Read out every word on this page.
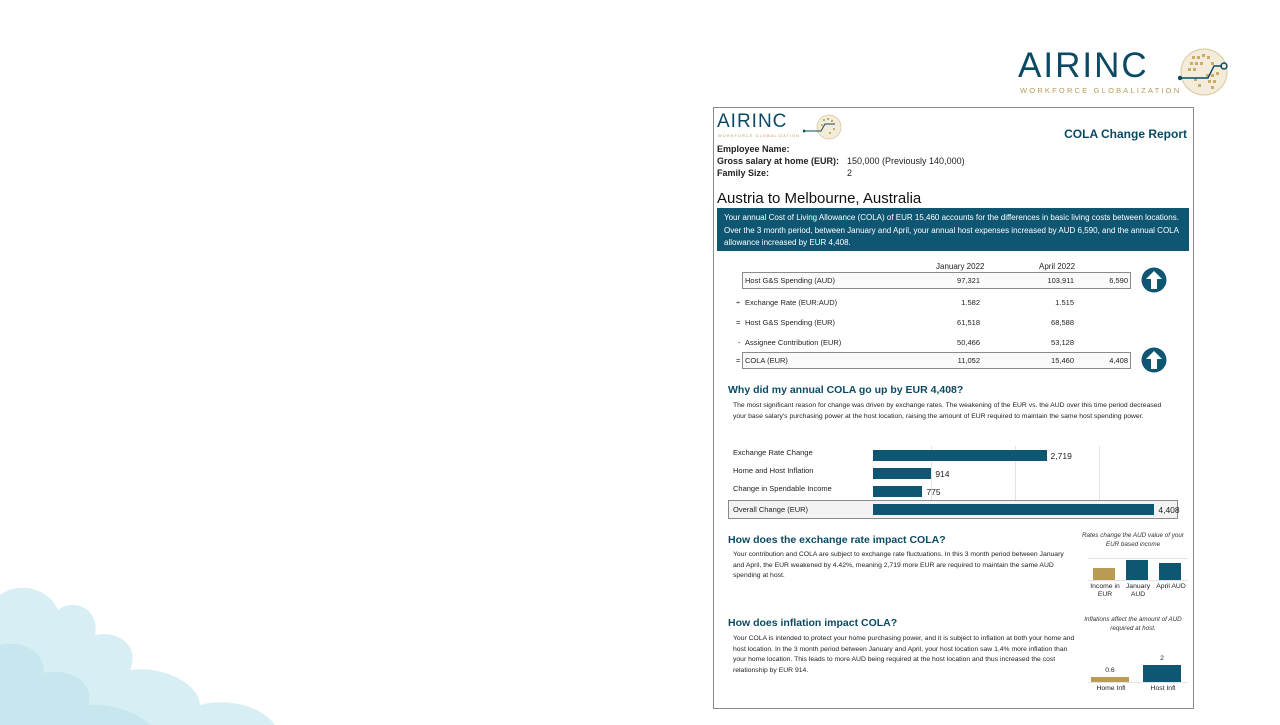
AIRINC
WORKFORCE GLOBALIZATION
AIRINC
WORKFORCE GLOBALIZATION	COLA Change Report
Employee Name:
Gross salary at home (EUR): 150,000 (Previously 140,000)
Family Size:	2
Austria to Melbourne, Australia
Your annual Cost of Living Allowance (COLA) of EUR 15,460 accounts for the differences in basic living costs between locations. Over the 3 month period, between January and April, your annual host expenses increased by AUD 6,590, and the annual COLA allowance increased by EUR 4,408.
January 2022	April 2022
Host G&S Spending (AUD)	97,321	103,911	6,590
÷ Exchange Rate (EUR:AUD)	1.582	1.515
= Host G&S Spending (EUR)	61,518	68,588
- Assignee Contribution (EUR)	50,466	53,128
= COLA (EUR)	11,052	15,460	4,408
Why did my annual COLA go up by EUR 4,408?
The most significant reason for change was driven by exchange rates. The weakening of the EUR vs. the AUD over this time period decreased your base salary's purchasing power at the host location, raising the amount of EUR required to maintain the same host spending power.
Exchange Rate Change
Home and Host Inflation
Change in Spendable Income
Overall Change (EUR)
2,719
914
775
4,408
How does the exchange rate impact COLA?
Your contribution and COLA are subject to exchange rate fluctuations. In this 3 month period between January and April, the EUR weakened by 4.42%, meaning 2,719 more EUR are required to maintain the same AUD spending at host.
Rates change the AUD value of your EUR based income
Income in EUR
January AUD
April AUD
How does inflation impact COLA?
Your COLA is intended to protect your home purchasing power, and it is subject to inflation at both your home and host location. In the 3 month period between January and April, your host location saw 1.4% more inflation than your home location. This leads to more AUD being required at the host location and thus increased the cost relationship by EUR 914.
Inflations affect the amount of AUD required at host.
0.6
2
Home Infl	Host Infl
